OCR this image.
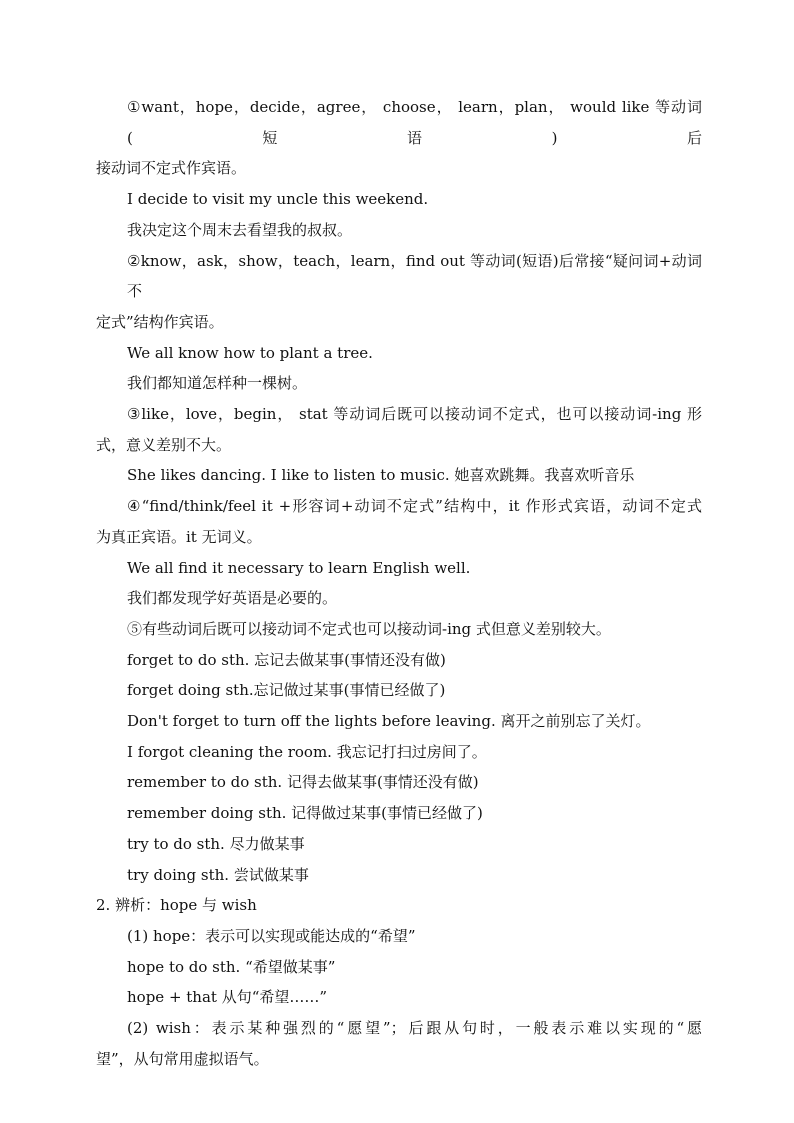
①want，hope，decide，agree， choose， learn，plan， would like 等动词(短语)后

接动词不定式作宾语。

I decide to visit my uncle this weekend.

我决定这个周末去看望我的叔叔。

②know，ask，show，teach，learn，find out 等动词(短语)后常接“疑问词+动词不

定式”结构作宾语。

We all know how to plant a tree.

我们都知道怎样种一棵树。

③like，love，begin， stat 等动词后既可以接动词不定式，也可以接动词-ing 形

式，意义差别不大。

She likes dancing. I like to listen to music. 她喜欢跳舞。我喜欢听音乐

④“find/think/feel it +形容词+动词不定式”结构中，it 作形式宾语，动词不定式

为真正宾语。it 无词义。

We all find it necessary to learn English well.

我们都发现学好英语是必要的。

⑤有些动词后既可以接动词不定式也可以接动词-ing 式但意义差别较大。

forget to do sth. 忘记去做某事(事情还没有做)

forget doing sth.忘记做过某事(事情已经做了)

Don't forget to turn off the lights before leaving. 离开之前别忘了关灯。

I forgot cleaning the room. 我忘记打扫过房间了。

remember to do sth. 记得去做某事(事情还没有做)

remember doing sth. 记得做过某事(事情已经做了)

try to do sth. 尽力做某事

try doing sth. 尝试做某事

2. 辨析：hope 与 wish

(1) hope：表示可以实现或能达成的“希望”

hope to do sth. “希望做某事”

hope + that 从句“希望……”

(2) wish：表示某种强烈的“愿望”；后跟从句时，一般表示难以实现的“愿

望”，从句常用虚拟语气。
